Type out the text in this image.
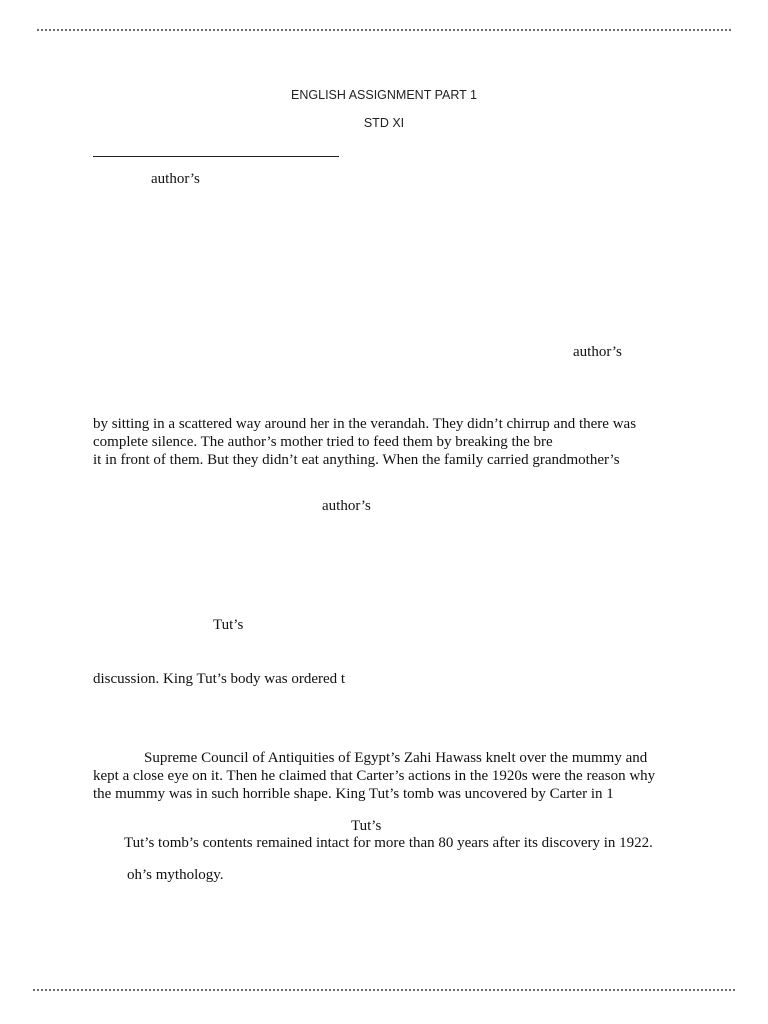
ENGLISH ASSIGNMENT PART 1
STD XI
author’s
author’s
by sitting in a scattered way around her in the verandah. They didn’t chirrup and there was
complete silence. The author’s mother tried to feed them by breaking the bre
it in front of them. But they didn’t eat anything. When the family carried grandmother’s
author’s
Tut’s
discussion. King Tut’s body was ordered t
Supreme Council of Antiquities of Egypt’s Zahi Hawass knelt over the mummy and
kept a close eye on it. Then he claimed that Carter’s actions in the 1920s were the reason why
the mummy was in such horrible shape. King Tut’s tomb was uncovered by Carter in 1
Tut’s
Tut’s tomb’s contents remained intact for more than 80 years after its discovery in 1922.
oh’s mythology.
